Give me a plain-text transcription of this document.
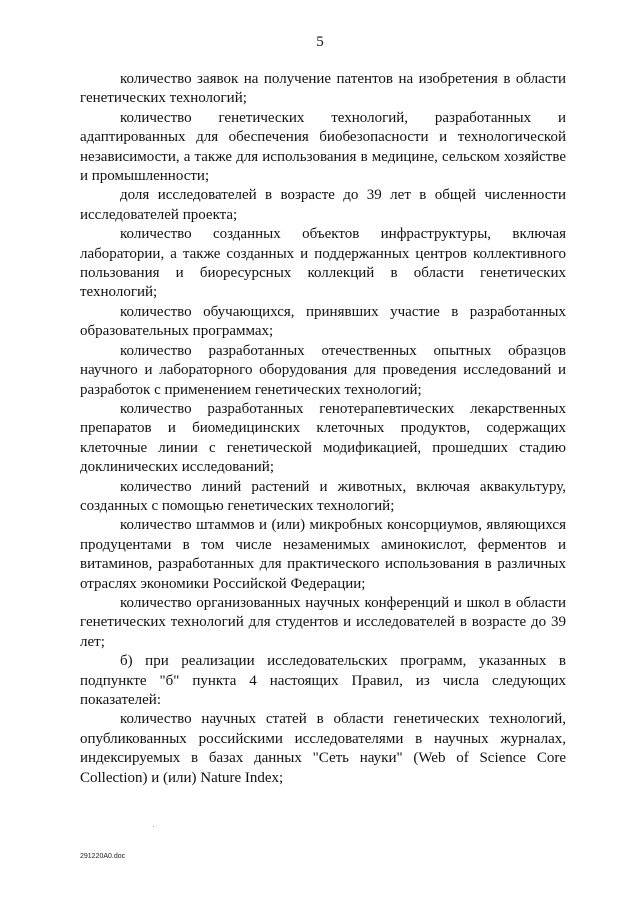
5

количество заявок на получение патентов на изобретения в области генетических технологий;

количество генетических технологий, разработанных и адаптированных для обеспечения биобезопасности и технологической независимости, а также для использования в медицине, сельском хозяйстве и промышленности;

доля исследователей в возрасте до 39 лет в общей численности исследователей проекта;

количество созданных объектов инфраструктуры, включая лаборатории, а также созданных и поддержанных центров коллективного пользования и биоресурсных коллекций в области генетических технологий;

количество обучающихся, принявших участие в разработанных образовательных программах;

количество разработанных отечественных опытных образцов научного и лабораторного оборудования для проведения исследований и разработок с применением генетических технологий;

количество разработанных генотерапевтических лекарственных препаратов и биомедицинских клеточных продуктов, содержащих клеточные линии с генетической модификацией, прошедших стадию доклинических исследований;

количество линий растений и животных, включая аквакультуру, созданных с помощью генетических технологий;

количество штаммов и (или) микробных консорциумов, являющихся продуцентами в том числе незаменимых аминокислот, ферментов и витаминов, разработанных для практического использования в различных отраслях экономики Российской Федерации;

количество организованных научных конференций и школ в области генетических технологий для студентов и исследователей в возрасте до 39 лет;

б) при реализации исследовательских программ, указанных в подпункте "б" пункта 4 настоящих Правил, из числа следующих показателей:

количество научных статей в области генетических технологий, опубликованных российскими исследователями в научных журналах, индексируемых в базах данных "Сеть науки" (Web of Science Core Collection) и (или) Nature Index;

291220A0.doc
